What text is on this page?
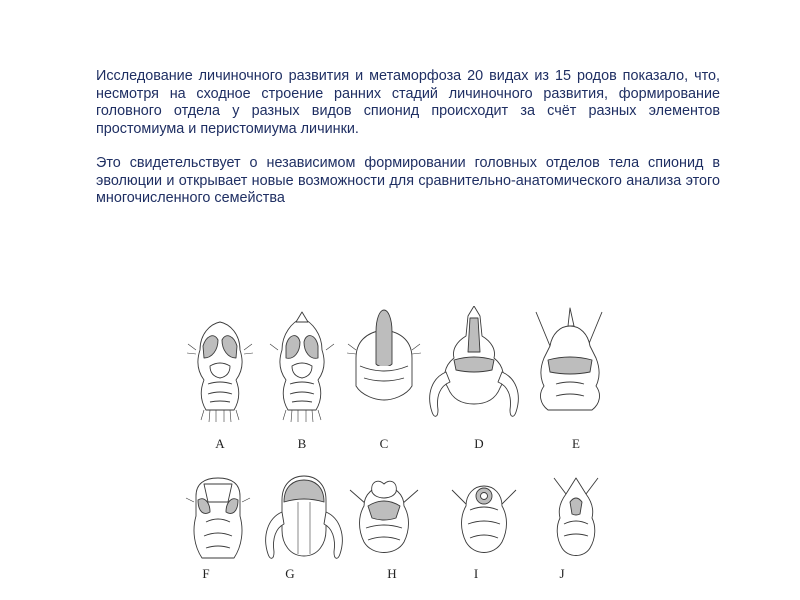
Исследование личиночного развития и метаморфоза 20 видах из 15 родов показало, что, несмотря на сходное строение ранних стадий личиночного развития, формирование головного отдела у разных видов спионид происходит за счёт разных элементов простомиума и перистомиума личинки.

Это свидетельствует о независимом формировании головных отделов тела спионид в эволюции и открывает новые возможности для сравнительно-анатомического анализа этого многочисленного семейства

A	B	C	D	E
F	G	H	I	J
